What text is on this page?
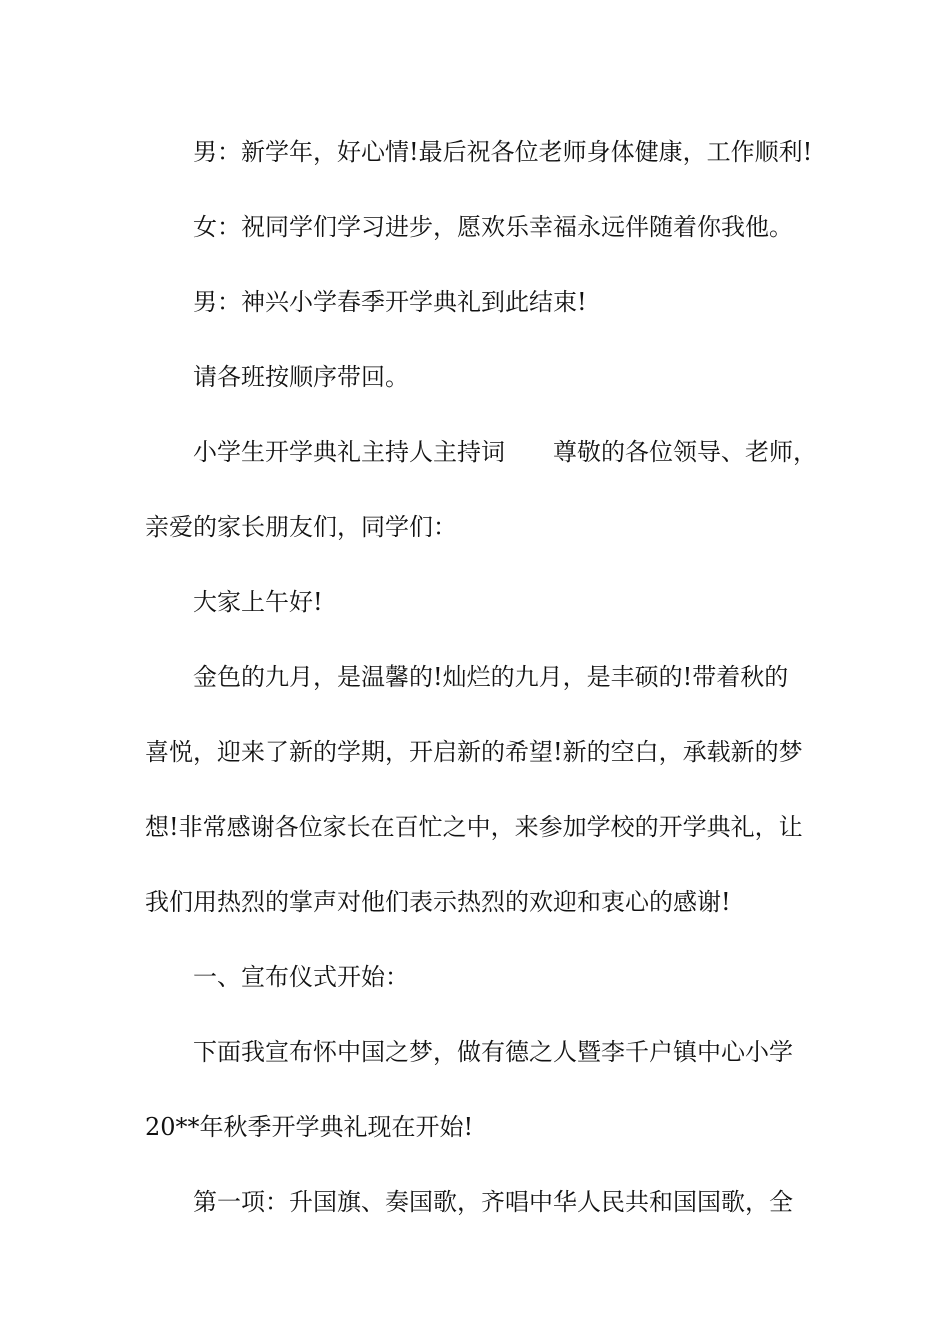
男：新学年，好心情!最后祝各位老师身体健康，工作顺利!
女：祝同学们学习进步，愿欢乐幸福永远伴随着你我他。
男：神兴小学春季开学典礼到此结束!
请各班按顺序带回。
小学生开学典礼主持人主持词 尊敬的各位领导、老师，
亲爱的家长朋友们，同学们：
大家上午好!
金色的九月，是温馨的!灿烂的九月，是丰硕的!带着秋的
喜悦，迎来了新的学期，开启新的希望!新的空白，承载新的梦
想!非常感谢各位家长在百忙之中，来参加学校的开学典礼，让
我们用热烈的掌声对他们表示热烈的欢迎和衷心的感谢!
一、宣布仪式开始：
下面我宣布怀中国之梦，做有德之人暨李千户镇中心小学
20**年秋季开学典礼现在开始!
第一项：升国旗、奏国歌，齐唱中华人民共和国国歌，全
